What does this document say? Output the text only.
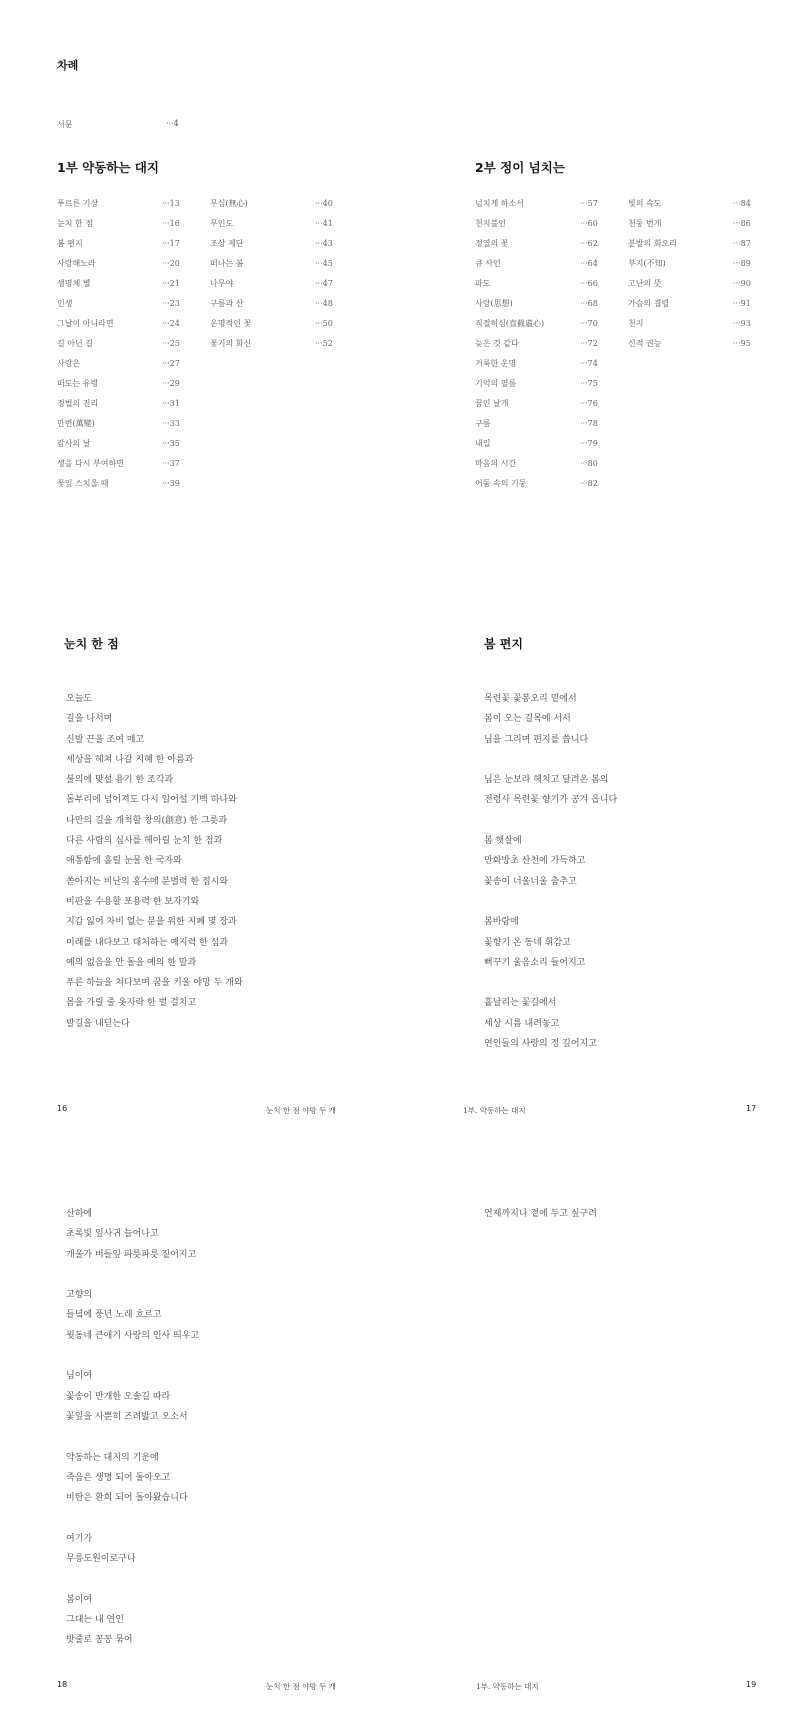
차례
서문	···4
1부 약동하는 대지	2부 정이 넘치는
푸르른 기상	···13
눈치 한 점	···16
봄 편지	···17
사랑해노라	···20
생명체 별	···21
인생	···23
그날이 아니라면	···24
길 아닌 길	···25
사랑은	···27
떠도는 유령	···29
정법의 진리	···31
만변(萬變)	···33
감사의 날	···35
생을 다시 부여하면	···37
꽃잎 스치울 때	···39
무심(無心)	···40
무인도	···41
조상 제단	···43
떠나는 봄	···45
나무야	···47
구름과 산	···48
운명적인 꽃	···50
꽃기의 화신	···52
넘치게 하소서	···57
천지불인	···60
정열의 꽃	···62
큐 사인	···64
파도	···66
사랑(思想)	···68
직절허심(直截虛心)	···70
늦은 것 같다	···72
거룩한 운명	···74
기억의 필름	···75
꿈인 날개	···76
구름	···78
내일	···79
마음의 시간	···80
어둠 속의 기둥	···82
빛의 속도	···84
천둥 번개	···86
분발의 회오리	···87
부지(不知)	···89
고난의 뜻	···90
가슴의 결렬	···91
천지	···93
신적 권능	···95
눈치 한 점	봄 편지
오늘도
길을 나서며
신발 끈을 조여 매고
세상을 헤쳐 나갈 지혜 한 아름과
불의에 맞설 용기 한 조각과
돌부리에 넘어져도 다시 일어설 기백 하나와
나만의 길을 개척할 창의(創意) 한 그릇과
다른 사람의 심사를 헤아릴 눈치 한 점과
애통함에 흘릴 눈물 한 국자와
쏟아지는 비난의 홍수에 분별력 한 접시와
비판을 수용할 포용력 한 보자기와
지갑 잃어 차비 없는 분을 위한 지폐 몇 장과
미래를 내다보고 대처하는 예지력 한 섬과
예의 없음을 안 돌을 예의 한 말과
푸른 하늘을 쳐다보며 꿈을 키울 야망 두 개와
몸을 가릴 줄 옷자락 한 벌 걸치고
발길을 내딛는다
목련꽃 꽃봉오리 밑에서
봄이 오는 길목에 서서
님을 그리며 편지를 씁니다
님은 눈보라 헤치고 달려온 봄의
전령사 목련꽃 향기가 공겨 옵니다
봄 햇살에
만화방초 산천에 가득하고
꽃송이 너울너울 춤추고
봄바람에
꽃향기 온 동네 휘감고
뻐꾸기 울음소리 들어지고
흩날리는 꽃길에서
세상 시름 내려놓고
연인들의 사랑의 정 깊어지고
16	눈치 한 점 야망 두 개	1부. 약동하는 대지	17
산하에
초록빛 잎사귀 늘어나고
개울가 버들잎 파릇파릇 짙어지고
고향의
들녘에 풍년 노래 흐르고
윗동네 큰애기 사랑의 인사 띄우고
님이여
꽃송이 만개한 오솔길 따라
꽃잎을 사뿐히 즈려밟고 오소서
약동하는 대지의 기운에
죽음은 생명 되어 돌아오고
비탄은 환희 되어 돌아왔습니다
여기가
무릉도원이로구나
봄이여
그대는 내 연인
밧줄로 꽁꽁 묶어
언제까지나 곁에 두고 싶구려
18	눈치 한 점 야망 두 개	1부. 약동하는 대지	19
